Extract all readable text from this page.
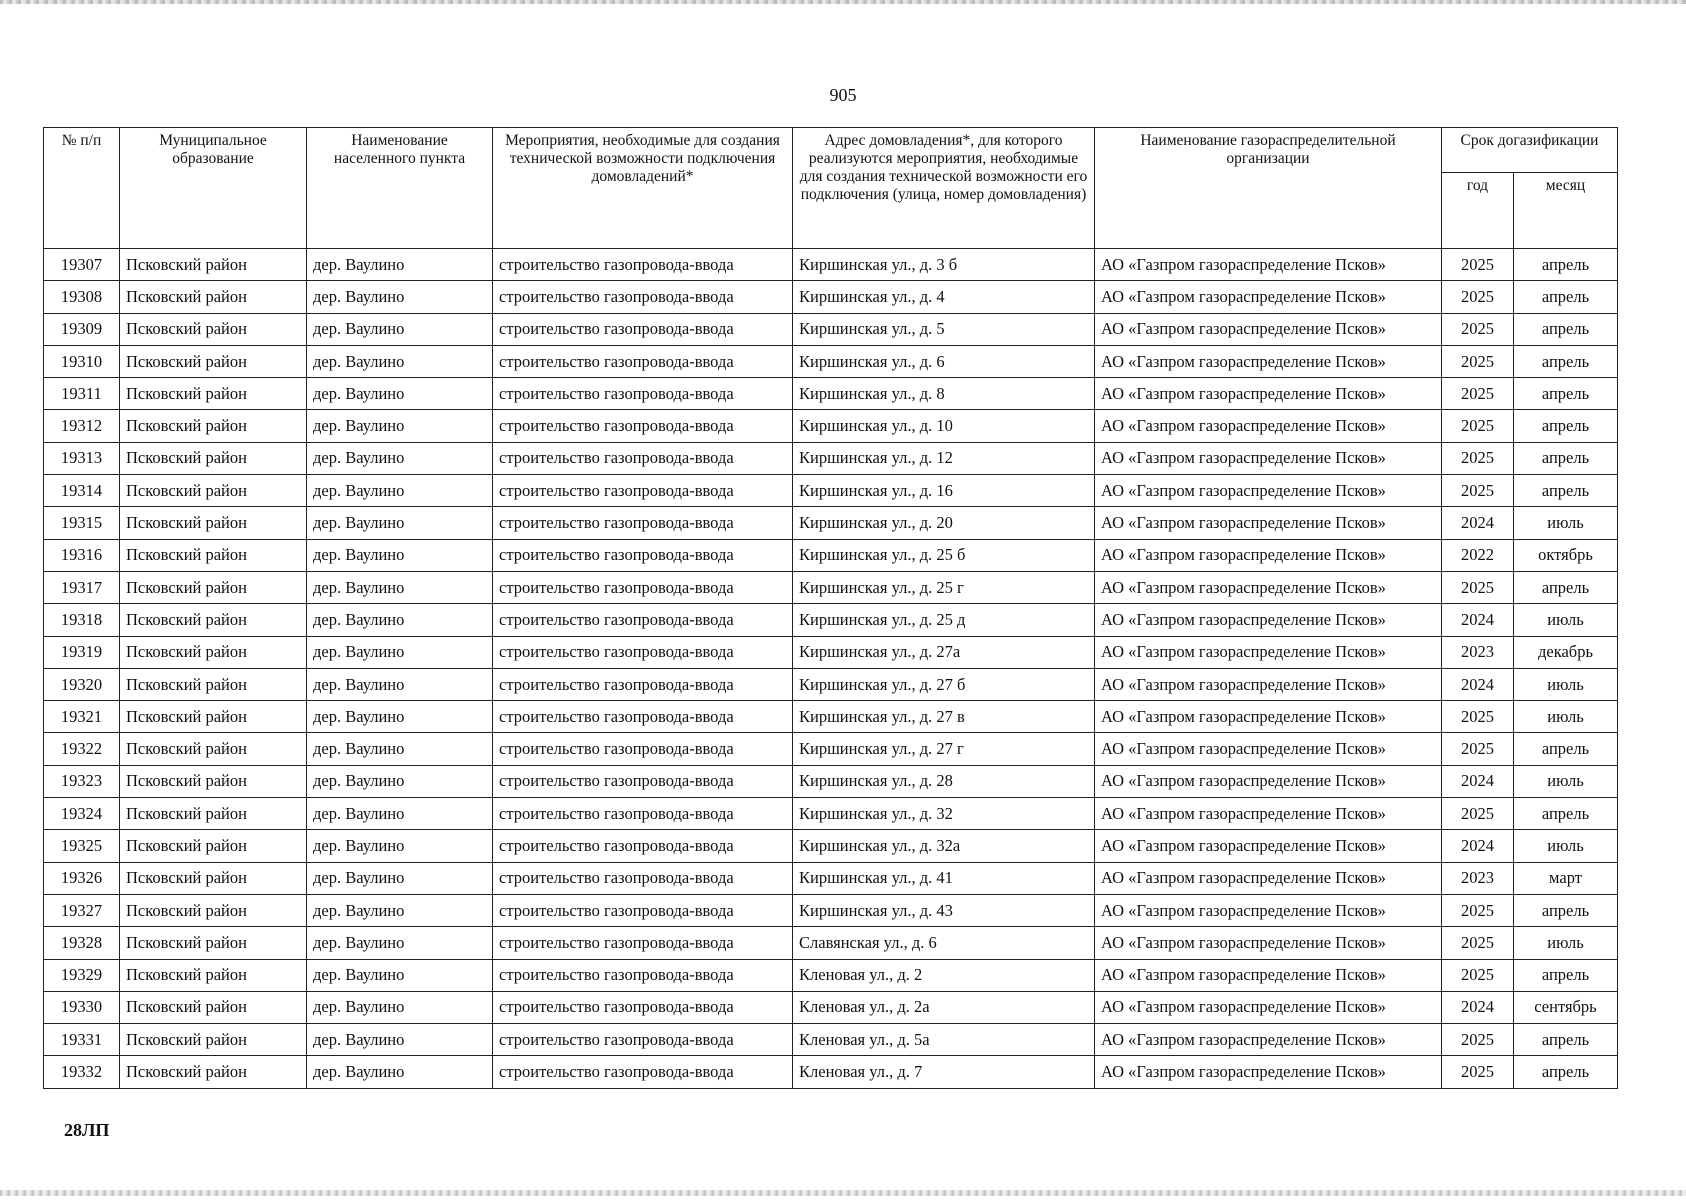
905
№ п/п	Муниципальное образование	Наименование населенного пункта	Мероприятия, необходимые для создания технической возможности подключения домовладений*	Адрес домовладения*, для которого реализуются мероприятия, необходимые для создания технической возможности его подключения (улица, номер домовладения)	Наименование газораспределительной организации	Срок догазификации	
						год	месяц
19307	Псковский район	дер. Ваулино	строительство газопровода-ввода	Киршинская ул., д. 3 б	АО «Газпром газораспределение Псков»	2025	апрель
19308	Псковский район	дер. Ваулино	строительство газопровода-ввода	Киршинская ул., д. 4	АО «Газпром газораспределение Псков»	2025	апрель
19309	Псковский район	дер. Ваулино	строительство газопровода-ввода	Киршинская ул., д. 5	АО «Газпром газораспределение Псков»	2025	апрель
19310	Псковский район	дер. Ваулино	строительство газопровода-ввода	Киршинская ул., д. 6	АО «Газпром газораспределение Псков»	2025	апрель
19311	Псковский район	дер. Ваулино	строительство газопровода-ввода	Киршинская ул., д. 8	АО «Газпром газораспределение Псков»	2025	апрель
19312	Псковский район	дер. Ваулино	строительство газопровода-ввода	Киршинская ул., д. 10	АО «Газпром газораспределение Псков»	2025	апрель
19313	Псковский район	дер. Ваулино	строительство газопровода-ввода	Киршинская ул., д. 12	АО «Газпром газораспределение Псков»	2025	апрель
19314	Псковский район	дер. Ваулино	строительство газопровода-ввода	Киршинская ул., д. 16	АО «Газпром газораспределение Псков»	2025	апрель
19315	Псковский район	дер. Ваулино	строительство газопровода-ввода	Киршинская ул., д. 20	АО «Газпром газораспределение Псков»	2024	июль
19316	Псковский район	дер. Ваулино	строительство газопровода-ввода	Киршинская ул., д. 25 б	АО «Газпром газораспределение Псков»	2022	октябрь
19317	Псковский район	дер. Ваулино	строительство газопровода-ввода	Киршинская ул., д. 25 г	АО «Газпром газораспределение Псков»	2025	апрель
19318	Псковский район	дер. Ваулино	строительство газопровода-ввода	Киршинская ул., д. 25 д	АО «Газпром газораспределение Псков»	2024	июль
19319	Псковский район	дер. Ваулино	строительство газопровода-ввода	Киршинская ул., д. 27а	АО «Газпром газораспределение Псков»	2023	декабрь
19320	Псковский район	дер. Ваулино	строительство газопровода-ввода	Киршинская ул., д. 27 б	АО «Газпром газораспределение Псков»	2024	июль
19321	Псковский район	дер. Ваулино	строительство газопровода-ввода	Киршинская ул., д. 27 в	АО «Газпром газораспределение Псков»	2025	июль
19322	Псковский район	дер. Ваулино	строительство газопровода-ввода	Киршинская ул., д. 27 г	АО «Газпром газораспределение Псков»	2025	апрель
19323	Псковский район	дер. Ваулино	строительство газопровода-ввода	Киршинская ул., д. 28	АО «Газпром газораспределение Псков»	2024	июль
19324	Псковский район	дер. Ваулино	строительство газопровода-ввода	Киршинская ул., д. 32	АО «Газпром газораспределение Псков»	2025	апрель
19325	Псковский район	дер. Ваулино	строительство газопровода-ввода	Киршинская ул., д. 32а	АО «Газпром газораспределение Псков»	2024	июль
19326	Псковский район	дер. Ваулино	строительство газопровода-ввода	Киршинская ул., д. 41	АО «Газпром газораспределение Псков»	2023	март
19327	Псковский район	дер. Ваулино	строительство газопровода-ввода	Киршинская ул., д. 43	АО «Газпром газораспределение Псков»	2025	апрель
19328	Псковский район	дер. Ваулино	строительство газопровода-ввода	Славянская ул., д. 6	АО «Газпром газораспределение Псков»	2025	июль
19329	Псковский район	дер. Ваулино	строительство газопровода-ввода	Кленовая ул., д. 2	АО «Газпром газораспределение Псков»	2025	апрель
19330	Псковский район	дер. Ваулино	строительство газопровода-ввода	Кленовая ул., д. 2а	АО «Газпром газораспределение Псков»	2024	сентябрь
19331	Псковский район	дер. Ваулино	строительство газопровода-ввода	Кленовая ул., д. 5а	АО «Газпром газораспределение Псков»	2025	апрель
19332	Псковский район	дер. Ваулино	строительство газопровода-ввода	Кленовая ул., д. 7	АО «Газпром газораспределение Псков»	2025	апрель
28ЛП
